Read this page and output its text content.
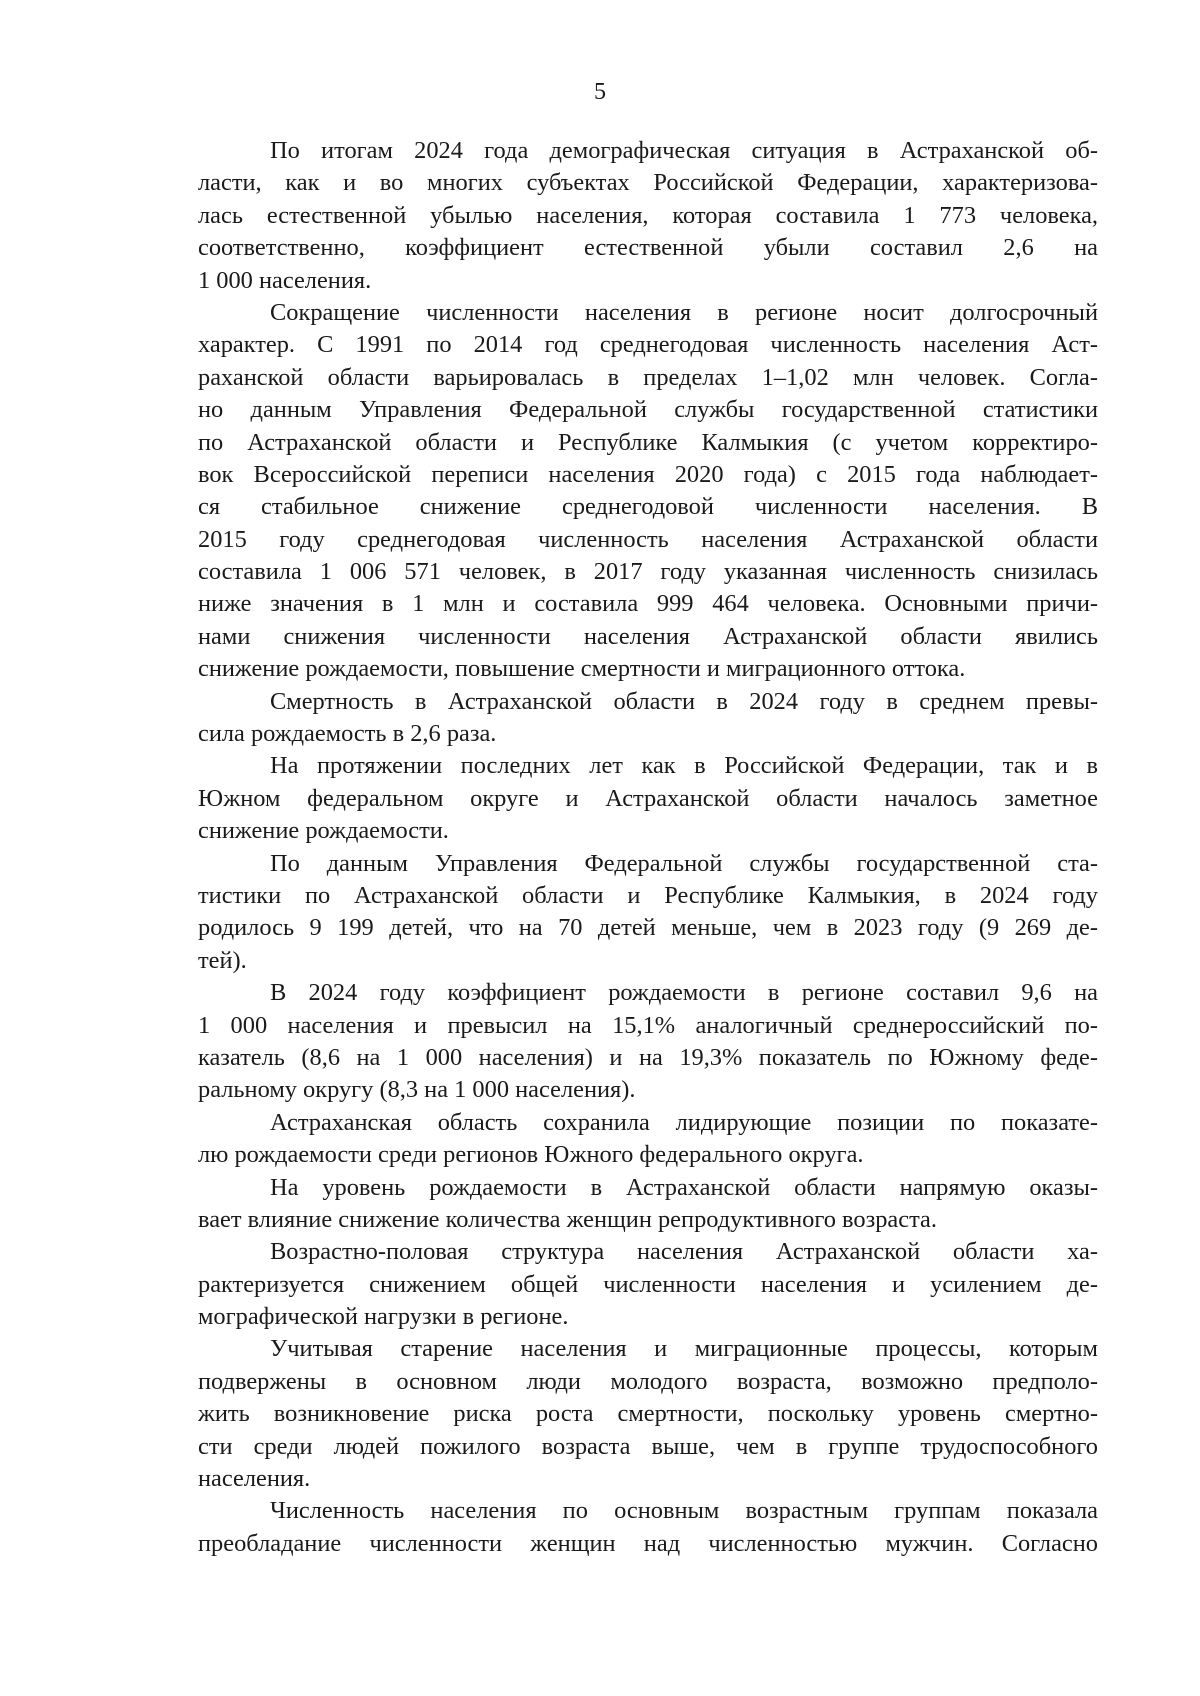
5
По итогам 2024 года демографическая ситуация в Астраханской об-
ласти, как и во многих субъектах Российской Федерации, характеризова-
лась естественной убылью населения, которая составила 1 773 человека,
соответственно, коэффициент естественной убыли составил 2,6 на
1 000 населения.
Сокращение численности населения в регионе носит долгосрочный
характер. С 1991 по 2014 год среднегодовая численность населения Аст-
раханской области варьировалась в пределах 1–1,02 млн человек. Согла-
но данным Управления Федеральной службы государственной статистики
по Астраханской области и Республике Калмыкия (с учетом корректиро-
вок Всероссийской переписи населения 2020 года) с 2015 года наблюдает-
ся стабильное снижение среднегодовой численности населения. В
2015 году среднегодовая численность населения Астраханской области
составила 1 006 571 человек, в 2017 году указанная численность снизилась
ниже значения в 1 млн и составила 999 464 человека. Основными причи-
нами снижения численности населения Астраханской области явились
снижение рождаемости, повышение смертности и миграционного оттока.
Смертность в Астраханской области в 2024 году в среднем превы-
сила рождаемость в 2,6 раза.
На протяжении последних лет как в Российской Федерации, так и в
Южном федеральном округе и Астраханской области началось заметное
снижение рождаемости.
По данным Управления Федеральной службы государственной ста-
тистики по Астраханской области и Республике Калмыкия, в 2024 году
родилось 9 199 детей, что на 70 детей меньше, чем в 2023 году (9 269 де-
тей).
В 2024 году коэффициент рождаемости в регионе составил 9,6 на
1 000 населения и превысил на 15,1% аналогичный среднероссийский по-
казатель (8,6 на 1 000 населения) и на 19,3% показатель по Южному феде-
ральному округу (8,3 на 1 000 населения).
Астраханская область сохранила лидирующие позиции по показате-
лю рождаемости среди регионов Южного федерального округа.
На уровень рождаемости в Астраханской области напрямую оказы-
вает влияние снижение количества женщин репродуктивного возраста.
Возрастно-половая структура населения Астраханской области ха-
рактеризуется снижением общей численности населения и усилением де-
мографической нагрузки в регионе.
Учитывая старение населения и миграционные процессы, которым
подвержены в основном люди молодого возраста, возможно предполо-
жить возникновение риска роста смертности, поскольку уровень смертно-
сти среди людей пожилого возраста выше, чем в группе трудоспособного
населения.
Численность населения по основным возрастным группам показала
преобладание численности женщин над численностью мужчин. Согласно
